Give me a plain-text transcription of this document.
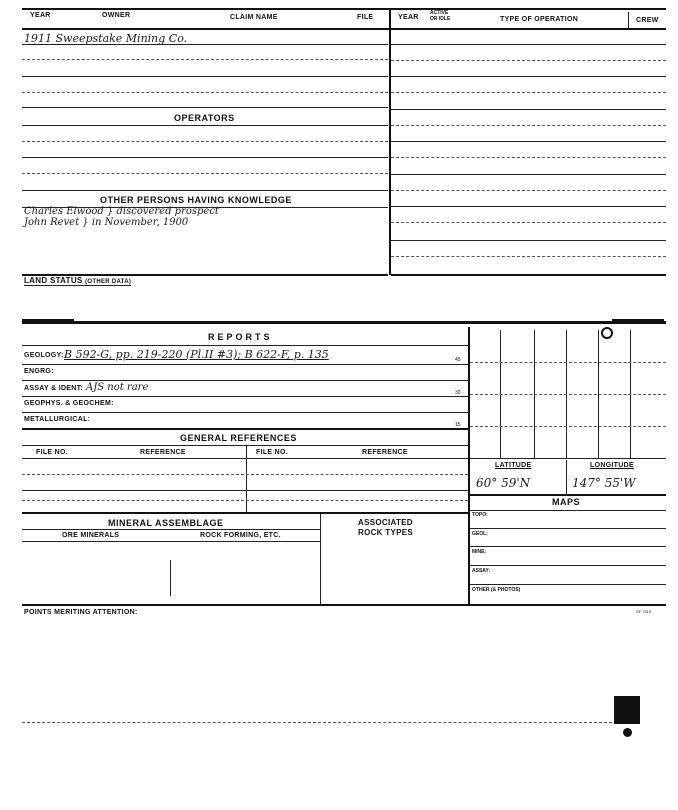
YEAR	OWNER	CLAIM NAME	FILE	YEAR
ACTIVE
OR IDLE	TYPE OF OPERATION	CREW
1911 Sweepstake Mining Co.
OPERATORS
OTHER PERSONS HAVING KNOWLEDGE
Charles Elwood } discovered prospect
John Revet } in November, 1900
LAND STATUS (OTHER DATA)
REPORTS
GEOLOGY: B 592-G, pp. 219-220 (Pl.II #3); B 622-F, p. 135	45
ENGRG:
ASSAY & IDENT: AJS not rare	30
GEOPHYS. & GEOCHEM:
METALLURGICAL:
15
GENERAL REFERENCES
FILE NO.	REFERENCE	FILE NO.	REFERENCE
MINERAL ASSEMBLAGE	ASSOCIATED
ROCK TYPES
ORE MINERALS	ROCK FORMING, ETC.
LATITUDE	LONGITUDE
60° 59'N	147° 55'W
MAPS
TOPO:
GEOL:
MINE:
ASSAY:
OTHER (& PHOTOS)
POINTS MERITING ATTENTION:	SF 7919
